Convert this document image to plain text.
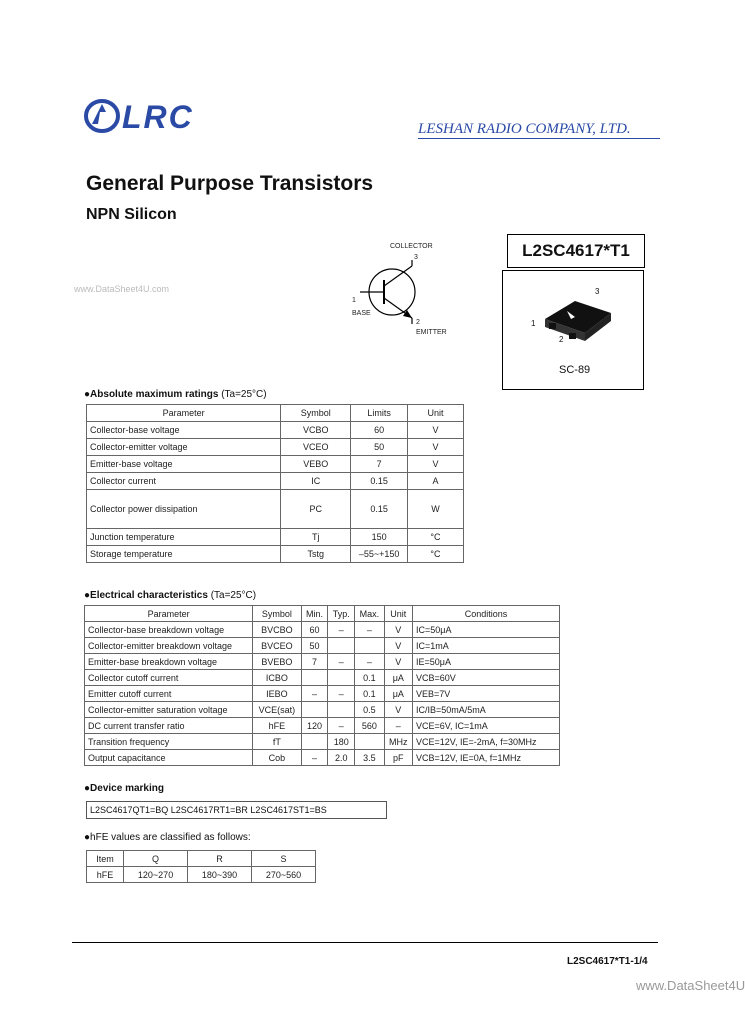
LRC	LESHAN RADIO COMPANY, LTD.
General Purpose Transistors
NPN Silicon
www.DataSheet4U.com
COLLECTOR
3
1
BASE
2
EMITTER
L2SC4617*T1
3
1
2
SC-89
●Absolute maximum ratings (Ta=25°C)
Parameter	Symbol	Limits	Unit
Collector-base voltage	VCBO	60	V
Collector-emitter voltage	VCEO	50	V
Emitter-base voltage	VEBO	7	V
Collector current	IC	0.15	A
Collector power dissipation	PC	0.15	W
Junction temperature	Tj	150	°C
Storage temperature	Tstg	–55~+150	°C
●Electrical characteristics (Ta=25°C)
Parameter	Symbol	Min.	Typ.	Max.	Unit	Conditions
Collector-base breakdown voltage	BVCBO	60	–	–	V	IC=50μA
Collector-emitter breakdown voltage	BVCEO	50			V	IC=1mA
Emitter-base breakdown voltage	BVEBO	7	–	–	V	IE=50μA
Collector cutoff current	ICBO			0.1	μA	VCB=60V
Emitter cutoff current	IEBO	–	–	0.1	μA	VEB=7V
Collector-emitter saturation voltage	VCE(sat)			0.5	V	IC/IB=50mA/5mA
DC current transfer ratio	hFE	120	–	560	–	VCE=6V, IC=1mA
Transition frequency	fT		180		MHz	VCE=12V, IE=-2mA, f=30MHz
Output capacitance	Cob	–	2.0	3.5	pF	VCB=12V, IE=0A, f=1MHz
●Device marking
L2SC4617QT1=BQ L2SC4617RT1=BR L2SC4617ST1=BS
●hFE values are classified as follows:
Item	Q	R	S
hFE	120~270	180~390	270~560
L2SC4617*T1-1/4
www.DataSheet4U
